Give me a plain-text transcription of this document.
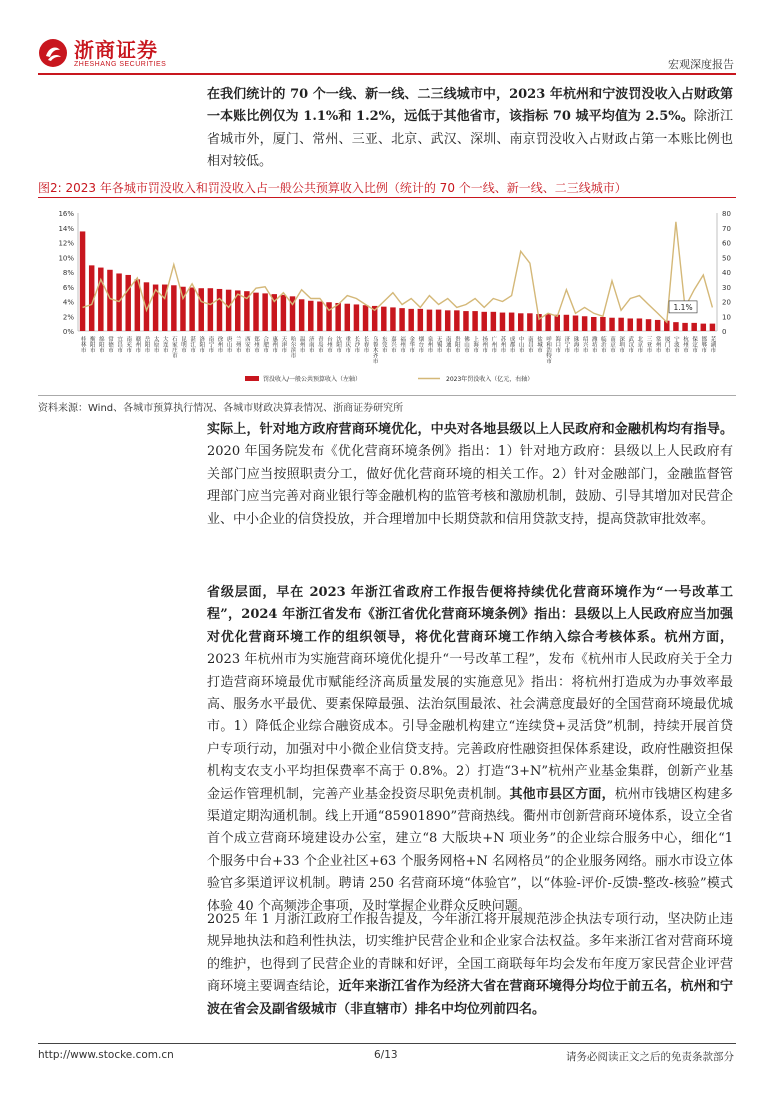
浙商证券
ZHESHANG SECURITIES	宏观深度报告
在我们统计的 70 个一线、新一线、二三线城市中，2023 年杭州和宁波罚没收入占财政第一本账比例仅为 1.1%和 1.2%，远低于其他省市，该指标 70 城平均值为 2.5%。除浙江省城市外，厦门、常州、三亚、北京、武汉、深圳、南京罚没收入占财政占第一本账比例也相对较低。
图2: 2023 年各城市罚没收入和罚没收入占一般公共预算收入比例（统计的 70 个一线、新一线、二三线城市）
16%
14%
12%
10%
8%
6%
4%
2%
0%
80
70
60
50
40
30
20
10
0
桂林市 衡阳市 绵阳市 常德市 宜昌市 南充市 赣州市 岳阳市 太原市 大连市 石家庄市 昆明市 湛江市 洛阳市 南宁市 徐州市 唐山市 兰州市 西安市 郑州市 合肥市 惠州市 天津市 哈尔滨市 温州市 济南市 青岛市 台州市 沈阳市 重庆市 长沙市 长春市 乌鲁木齐市 东莞市 嘉兴市 福州市 金华市 烟台市 泉州市 无锡市 南通市 贵阳市 佛山市 上海市 扬州市 广州市 苏州市 成都市 中山市 南昌市 盐城市 呼和浩特市 海口市 济宁市 珠海市 绍兴市 潍坊市 临沂市 南京市 深圳市 武汉市 北京市 三亚市 常州市 厦门市 宁波市 杭州市 保定市 邯郸市 芜湖市
1.1%
罚没收入/一般公共预算收入（左轴）	2023年罚没收入（亿元，右轴）
资料来源：Wind、各城市预算执行情况、各城市财政决算表情况、浙商证券研究所
实际上，针对地方政府营商环境优化，中央对各地县级以上人民政府和金融机构均有指导。2020 年国务院发布《优化营商环境条例》指出：1）针对地方政府：县级以上人民政府有关部门应当按照职责分工，做好优化营商环境的相关工作。2）针对金融部门，金融监督管理部门应当完善对商业银行等金融机构的监管考核和激励机制，鼓励、引导其增加对民营企业、中小企业的信贷投放，并合理增加中长期贷款和信用贷款支持，提高贷款审批效率。
省级层面，早在 2023 年浙江省政府工作报告便将持续优化营商环境作为“一号改革工程”，2024 年浙江省发布《浙江省优化营商环境条例》指出：县级以上人民政府应当加强对优化营商环境工作的组织领导，将优化营商环境工作纳入综合考核体系。杭州方面，2023 年杭州市为实施营商环境优化提升“一号改革工程”，发布《杭州市人民政府关于全力打造营商环境最优市赋能经济高质量发展的实施意见》指出：将杭州打造成为办事效率最高、服务水平最优、要素保障最强、法治氛围最浓、社会满意度最好的全国营商环境最优城市。1）降低企业综合融资成本。引导金融机构建立“连续贷+灵活贷”机制，持续开展首贷户专项行动，加强对中小微企业信贷支持。完善政府性融资担保体系建设，政府性融资担保机构支农支小平均担保费率不高于 0.8%。2）打造“3+N”杭州产业基金集群，创新产业基金运作管理机制，完善产业基金投资尽职免责机制。其他市县区方面，杭州市钱塘区构建多渠道定期沟通机制。线上开通“85901890”营商热线。衢州市创新营商环境体系，设立全省首个成立营商环境建设办公室，建立“8 大版块+N 项业务”的企业综合服务中心，细化“1 个服务中台+33 个企业社区+63 个服务网格+N 名网格员”的企业服务网络。丽水市设立体验官多渠道评议机制。聘请 250 名营商环境“体验官”，以“体验-评价-反馈-整改-核验”模式体验 40 个高频涉企事项，及时掌握企业群众反映问题。
2025 年 1 月浙江政府工作报告提及，今年浙江将开展规范涉企执法专项行动，坚决防止违规异地执法和趋利性执法，切实维护民营企业和企业家合法权益。多年来浙江省对营商环境的维护，也得到了民营企业的青睐和好评，全国工商联每年均会发布年度万家民营企业评营商环境主要调查结论，近年来浙江省作为经济大省在营商环境得分均位于前五名，杭州和宁波在省会及副省级城市（非直辖市）排名中均位列前四名。
http://www.stocke.com.cn	6/13	请务必阅读正文之后的免责条款部分
